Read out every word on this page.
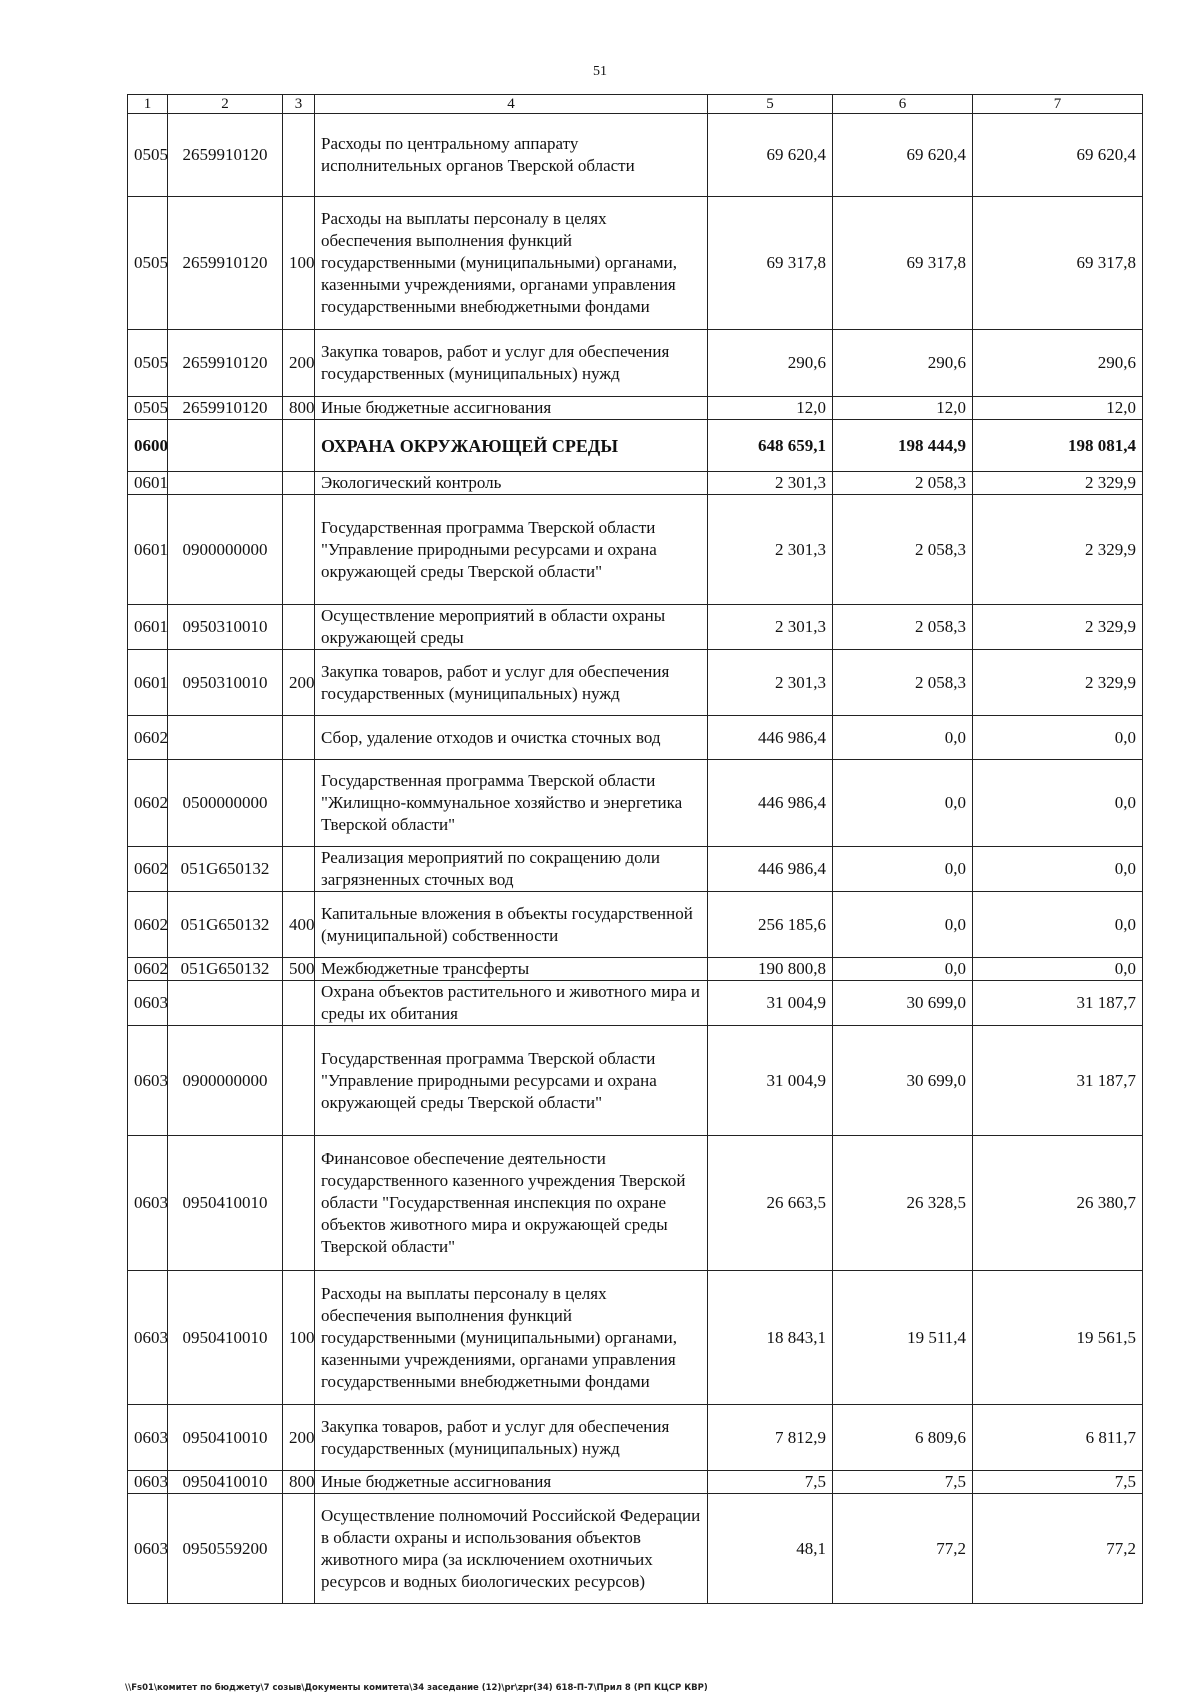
51
1	2	3	4	5	6	7
0505	2659910120		Расходы по центральному аппарату исполнительных органов Тверской области	69 620,4	69 620,4	69 620,4
0505	2659910120	100	Расходы на выплаты персоналу в целях обеспечения выполнения функций государственными (муниципальными) органами, казенными учреждениями, органами управления государственными внебюджетными фондами	69 317,8	69 317,8	69 317,8
0505	2659910120	200	Закупка товаров, работ и услуг для обеспечения государственных (муниципальных) нужд	290,6	290,6	290,6
0505	2659910120	800	Иные бюджетные ассигнования	12,0	12,0	12,0
0600			ОХРАНА ОКРУЖАЮЩЕЙ СРЕДЫ	648 659,1	198 444,9	198 081,4
0601			Экологический контроль	2 301,3	2 058,3	2 329,9
0601	0900000000		Государственная программа Тверской области "Управление природными ресурсами и охрана окружающей среды Тверской области"	2 301,3	2 058,3	2 329,9
0601	0950310010		Осуществление мероприятий в области охраны окружающей среды	2 301,3	2 058,3	2 329,9
0601	0950310010	200	Закупка товаров, работ и услуг для обеспечения государственных (муниципальных) нужд	2 301,3	2 058,3	2 329,9
0602			Сбор, удаление отходов и очистка сточных вод	446 986,4	0,0	0,0
0602	0500000000		Государственная программа Тверской области "Жилищно-коммунальное хозяйство и энергетика Тверской области"	446 986,4	0,0	0,0
0602	051G650132		Реализация мероприятий по сокращению доли загрязненных сточных вод	446 986,4	0,0	0,0
0602	051G650132	400	Капитальные вложения в объекты государственной (муниципальной) собственности	256 185,6	0,0	0,0
0602	051G650132	500	Межбюджетные трансферты	190 800,8	0,0	0,0
0603			Охрана объектов растительного и животного мира и среды их обитания	31 004,9	30 699,0	31 187,7
0603	0900000000		Государственная программа Тверской области "Управление природными ресурсами и охрана окружающей среды Тверской области"	31 004,9	30 699,0	31 187,7
0603	0950410010		Финансовое обеспечение деятельности государственного казенного учреждения Тверской области "Государственная инспекция по охране объектов животного мира и окружающей среды Тверской области"	26 663,5	26 328,5	26 380,7
0603	0950410010	100	Расходы на выплаты персоналу в целях обеспечения выполнения функций государственными (муниципальными) органами, казенными учреждениями, органами управления государственными внебюджетными фондами	18 843,1	19 511,4	19 561,5
0603	0950410010	200	Закупка товаров, работ и услуг для обеспечения государственных (муниципальных) нужд	7 812,9	6 809,6	6 811,7
0603	0950410010	800	Иные бюджетные ассигнования	7,5	7,5	7,5
0603	0950559200		Осуществление полномочий Российской Федерации в области охраны и использования объектов животного мира (за исключением охотничьих ресурсов и водных биологических ресурсов)	48,1	77,2	77,2
\\Fs01\комитет по бюджету\7 созыв\Документы комитета\34 заседание (12)\pr\zpr(34) 618-П-7\Прил 8 (РП КЦСР КВР)
